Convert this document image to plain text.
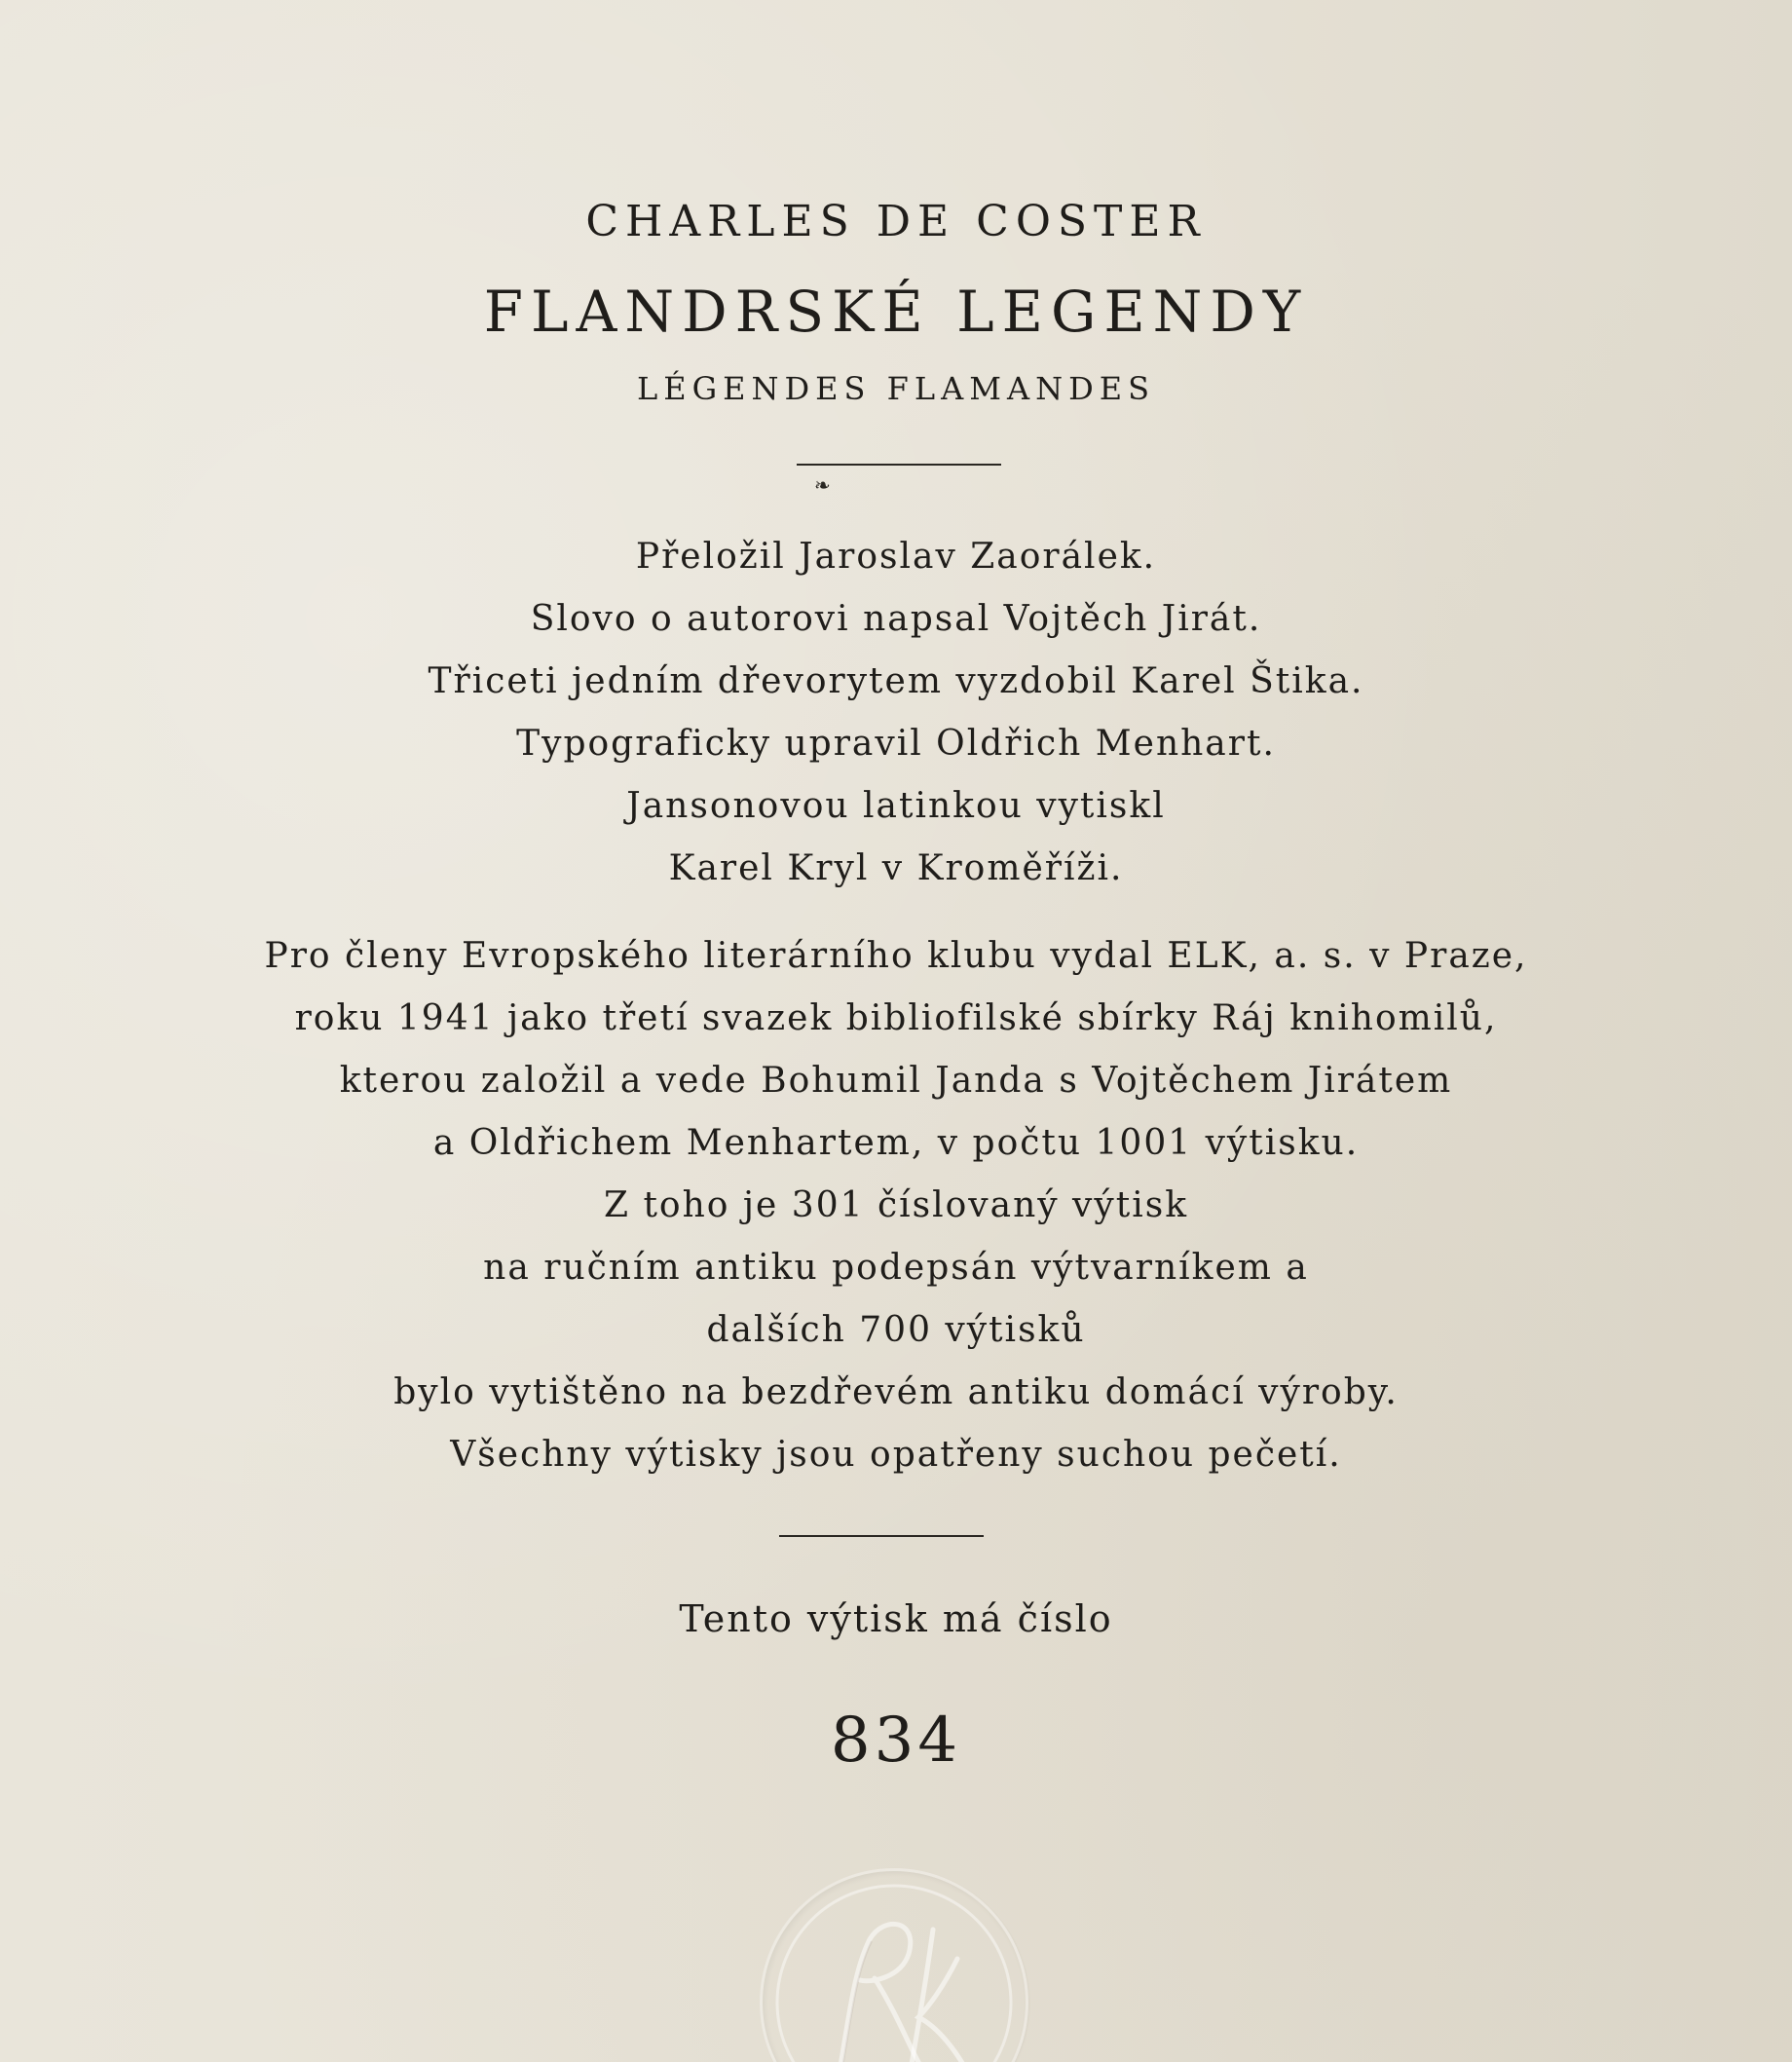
CHARLES DE COSTER
FLANDRSKÉ LEGENDY
LÉGENDES FLAMANDES
❧
Přeložil Jaroslav Zaorálek.
Slovo o autorovi napsal Vojtěch Jirát.
Třiceti jedním dřevorytem vyzdobil Karel Štika.
Typograficky upravil Oldřich Menhart.
Jansonovou latinkou vytiskl
Karel Kryl v Kroměříži.
Pro členy Evropského literárního klubu vydal ELK, a. s. v Praze,
roku 1941 jako třetí svazek bibliofilské sbírky Ráj knihomilů,
kterou založil a vede Bohumil Janda s Vojtěchem Jirátem
a Oldřichem Menhartem, v počtu 1001 výtisku.
Z toho je 301 číslovaný výtisk
na ručním antiku podepsán výtvarníkem a
dalších 700 výtisků
bylo vytištěno na bezdřevém antiku domácí výroby.
Všechny výtisky jsou opatřeny suchou pečetí.
Tento výtisk má číslo
834
